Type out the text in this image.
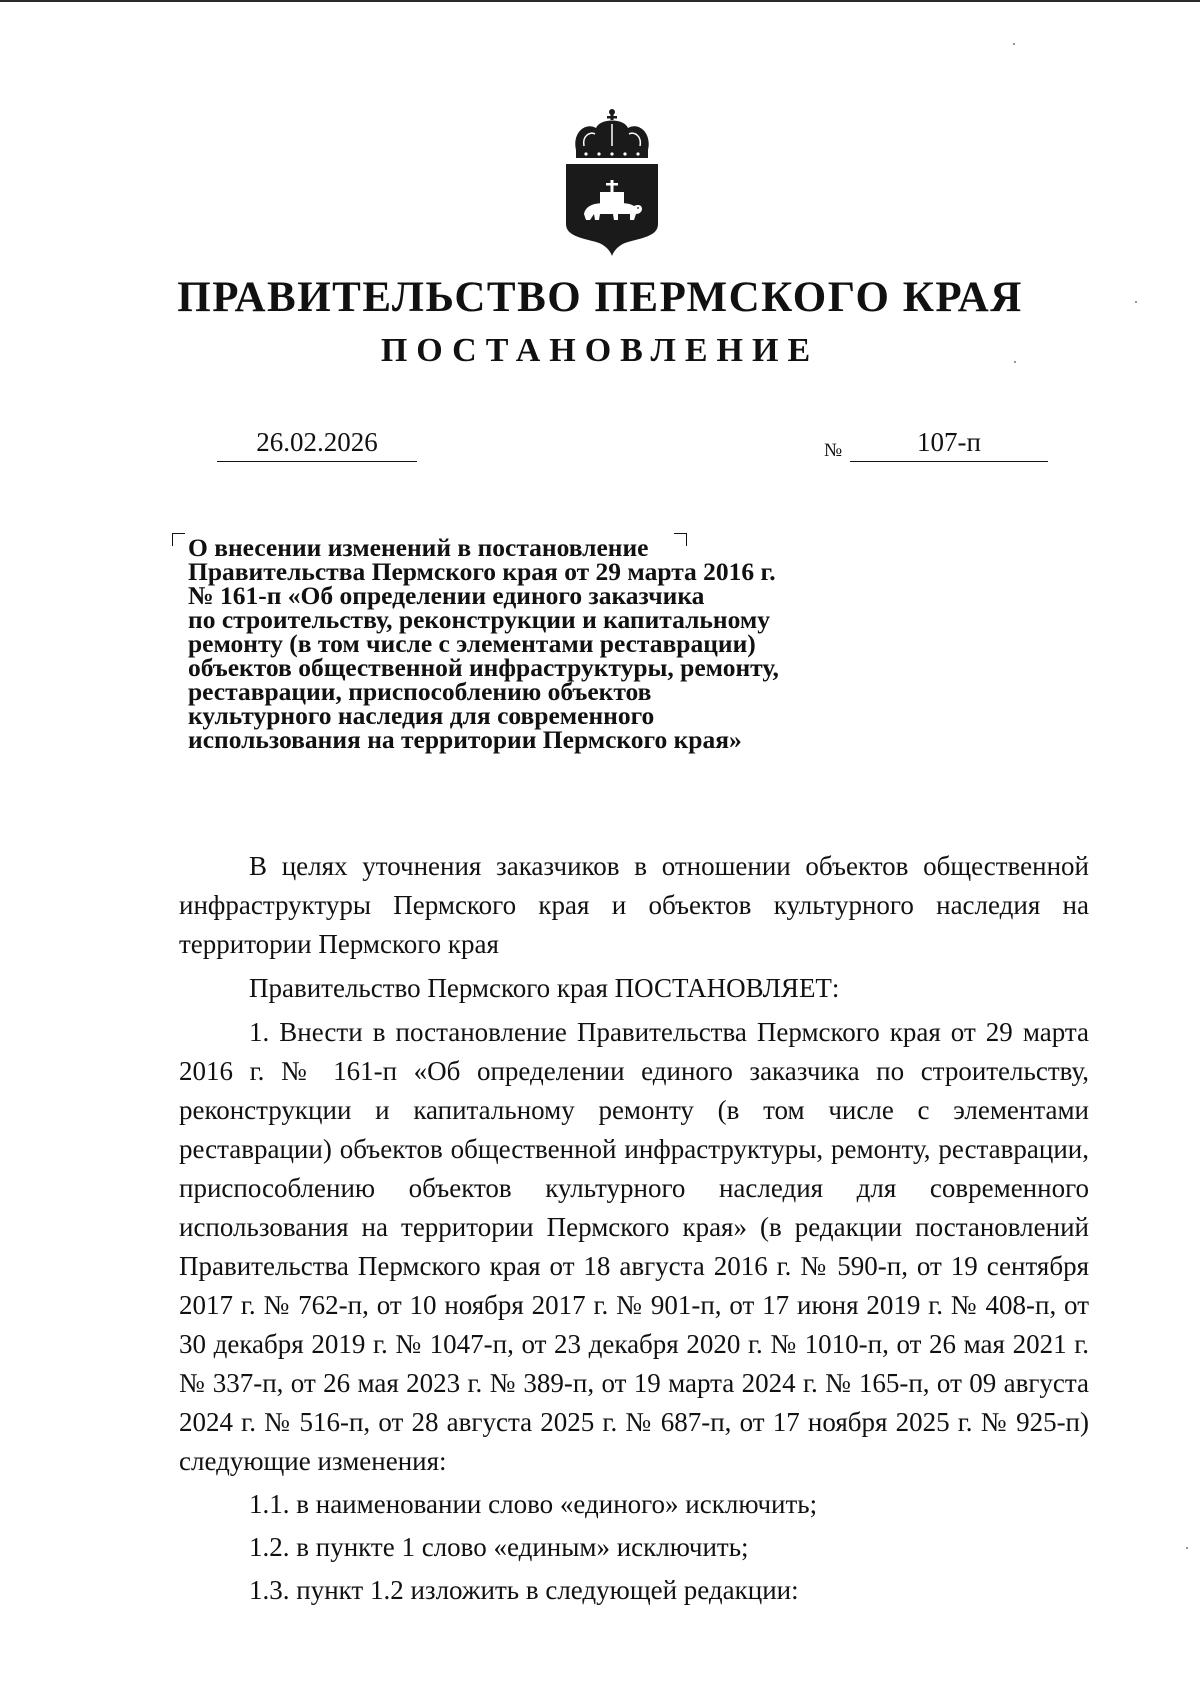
ПРАВИТЕЛЬСТВО ПЕРМСКОГО КРАЯ
ПОСТАНОВЛЕНИЕ
26.02.2026	№	107-п
О внесении изменений в постановление
Правительства Пермского края от 29 марта 2016 г.
№ 161-п «Об определении единого заказчика
по строительству, реконструкции и капитальному
ремонту (в том числе с элементами реставрации)
объектов общественной инфраструктуры, ремонту,
реставрации, приспособлению объектов
культурного наследия для современного
использования на территории Пермского края»

В целях уточнения заказчиков в отношении объектов общественной инфраструктуры Пермского края и объектов культурного наследия на территории Пермского края

Правительство Пермского края ПОСТАНОВЛЯЕТ:

1. Внести в постановление Правительства Пермского края от 29 марта 2016 г. № 161-п «Об определении единого заказчика по строительству, реконструкции и капитальному ремонту (в том числе с элементами реставрации) объектов общественной инфраструктуры, ремонту, реставрации, приспособлению объектов культурного наследия для современного использования на территории Пермского края» (в редакции постановлений Правительства Пермского края от 18 августа 2016 г. № 590-п, от 19 сентября 2017 г. № 762-п, от 10 ноября 2017 г. № 901-п, от 17 июня 2019 г. № 408-п, от 30 декабря 2019 г. № 1047-п, от 23 декабря 2020 г. № 1010-п, от 26 мая 2021 г. № 337-п, от 26 мая 2023 г. № 389-п, от 19 марта 2024 г. № 165-п, от 09 августа 2024 г. № 516-п, от 28 августа 2025 г. № 687-п, от 17 ноября 2025 г. № 925-п) следующие изменения:

1.1. в наименовании слово «единого» исключить;

1.2. в пункте 1 слово «единым» исключить;

1.3. пункт 1.2 изложить в следующей редакции:
